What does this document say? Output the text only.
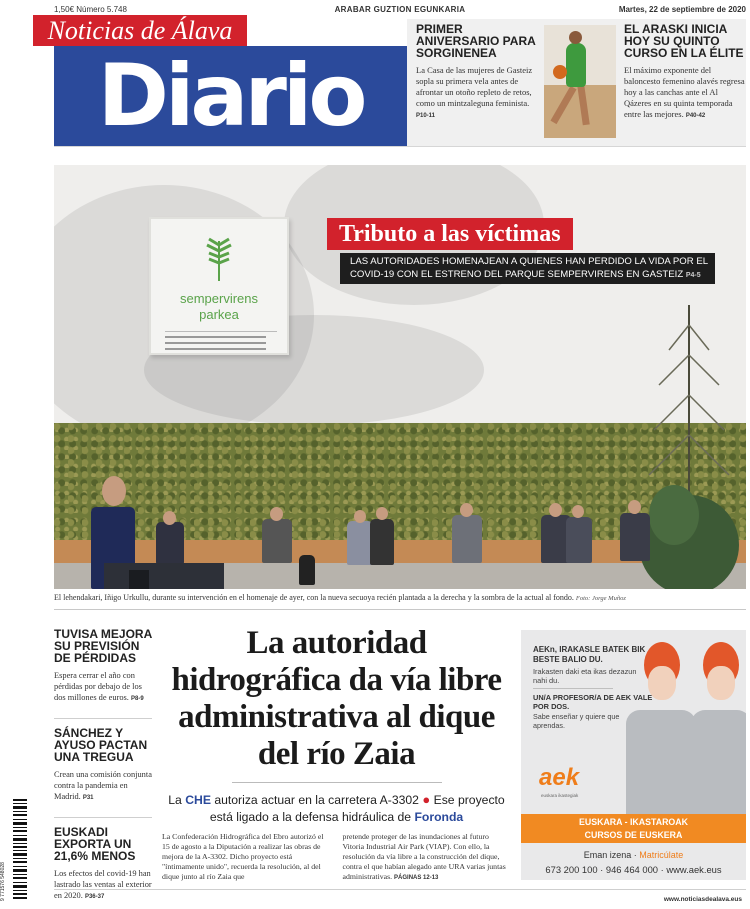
1,50€ Número 5.748	ARABAR GUZTION EGUNKARIA	Martes, 22 de septiembre de 2020
Noticias de Álava
Diario
PRIMER ANIVERSARIO PARA SORGINENEA
La Casa de las mujeres de Gasteiz sopla su primera vela antes de afrontar un otoño repleto de retos, como un mintzaleguna feminista. P10-11
EL ARASKI INICIA HOY SU QUINTO CURSO EN LA ÉLITE
El máximo exponente del baloncesto femenino alavés regresa hoy a las canchas ante el Al Qázeres en su quinta temporada entre las mejores. P40-42
sempervirens
parkea
Tributo a las víctimas
LAS AUTORIDADES HOMENAJEAN A QUIENES HAN PERDIDO LA VIDA POR EL COVID-19 CON EL ESTRENO DEL PARQUE SEMPERVIRENS EN GASTEIZ P4-5
El lehendakari, Iñigo Urkullu, durante su intervención en el homenaje de ayer, con la nueva secuoya recién plantada a la derecha y la sombra de la actual al fondo. Foto: Jorge Muñoz
TUVISA MEJORA SU PREVISIÓN DE PÉRDIDAS

Espera cerrar el año con pérdidas por debajo de los dos millones de euros. P8-9

SÁNCHEZ Y AYUSO PACTAN UNA TREGUA

Crean una comisión conjunta contra la pandemia en Madrid. P31

EUSKADI EXPORTA UN 21,6% MENOS

Los efectos del covid-19 han lastrado las ventas al exterior en 2020. P36-37

9 771576 548028
La autoridad hidrográfica da vía libre administrativa al dique del río Zaia
La CHE autoriza actuar en la carretera A-3302 ● Ese proyecto está ligado a la defensa hidráulica de Foronda

La Confederación Hidrográfica del Ebro autorizó el 15 de agosto a la Diputación a realizar las obras de mejora de la A-3302. Dicho proyecto está "íntimamente unido", recuerda la resolución, al del dique junto al río Zaia que

pretende proteger de las inundaciones al futuro Vitoria Industrial Air Park (VIAP). Con ello, la resolución da vía libre a la construcción del dique, contra el que habían alegado ante URA varias juntas administrativas. PÁGINAS 12-13

AEKn, IRAKASLE BATEK BIK BESTE BALIO DU.
Irakasten daki eta ikas dezazun nahi du.
UN/A PROFESOR/A DE AEK VALE POR DOS.
Sabe enseñar y quiere que aprendas.
aek
euskara ikastegiak
EUSKARA - IKASTAROAK
CURSOS DE EUSKERA
Eman izena · Matricúlate
673 200 100 · 946 464 000 · www.aek.eus
www.noticiasdealava.eus
